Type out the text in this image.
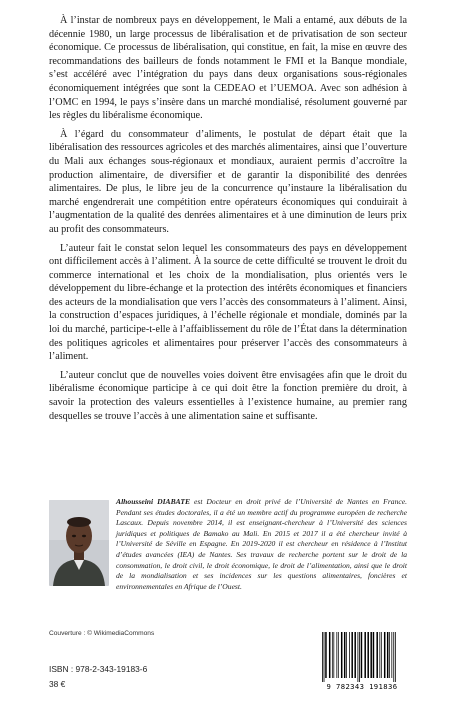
À l’instar de nombreux pays en développement, le Mali a entamé, aux débuts de la décennie 1980, un large processus de libéralisation et de privatisation de son secteur économique. Ce processus de libéralisation, qui constitue, en fait, la mise en œuvre des recommandations des bailleurs de fonds notamment le FMI et la Banque mondiale, s’est accéléré avec l’intégration du pays dans deux organisations sous-régionales économiquement intégrées que sont la CEDEAO et l’UEMOA. Avec son adhésion à l’OMC en 1994, le pays s’insère dans un marché mondialisé, résolument gouverné par les règles du libéralisme économique.

À l’égard du consommateur d’aliments, le postulat de départ était que la libéralisation des ressources agricoles et des marchés alimentaires, ainsi que l’ouverture du Mali aux échanges sous-régionaux et mondiaux, auraient permis d’accroître la production alimentaire, de diversifier et de garantir la disponibilité des denrées alimentaires. De plus, le libre jeu de la concurrence qu’instaure la libéralisation du marché engendrerait une compétition entre opérateurs économiques qui conduirait à l’augmentation de la qualité des denrées alimentaires et à une diminution de leurs prix au profit des consommateurs.

L’auteur fait le constat selon lequel les consommateurs des pays en développement ont difficilement accès à l’aliment. À la source de cette difficulté se trouvent le droit du commerce international et les choix de la mondialisation, plus orientés vers le développement du libre-échange et la protection des intérêts économiques et financiers des acteurs de la mondialisation que vers l’accès des consommateurs à l’aliment. Ainsi, la construction d’espaces juridiques, à l’échelle régionale et mondiale, dominés par la loi du marché, participe-t-elle à l’affaiblissement du rôle de l’État dans la détermination des politiques agricoles et alimentaires pour préserver l’accès des consommateurs à l’aliment.

L’auteur conclut que de nouvelles voies doivent être envisagées afin que le droit du libéralisme économique participe à ce qui doit être la fonction première du droit, à savoir la protection des valeurs essentielles à l’existence humaine, au premier rang desquelles se trouve l’accès à une alimentation saine et suffisante.

Alhousseini DIABATE est Docteur en droit privé de l’Université de Nantes en France. Pendant ses études doctorales, il a été un membre actif du programme européen de recherche Lascaux. Depuis novembre 2014, il est enseignant-chercheur à l’Université des sciences juridiques et politiques de Bamako au Mali. En 2015 et 2017 il a été chercheur invité à l’Université de Séville en Espagne. En 2019-2020 il est chercheur en résidence à l’Institut d’études avancées (IEA) de Nantes. Ses travaux de recherche portent sur le droit de la consommation, le droit civil, le droit économique, le droit de l’alimentation, ainsi que le droit de la mondialisation et ses incidences sur les questions alimentaires, foncières et environnementales en Afrique de l’Ouest.

Couverture : © WikimediaCommons
ISBN : 978-2-343-19183-6
38 €	9 782343 191836
